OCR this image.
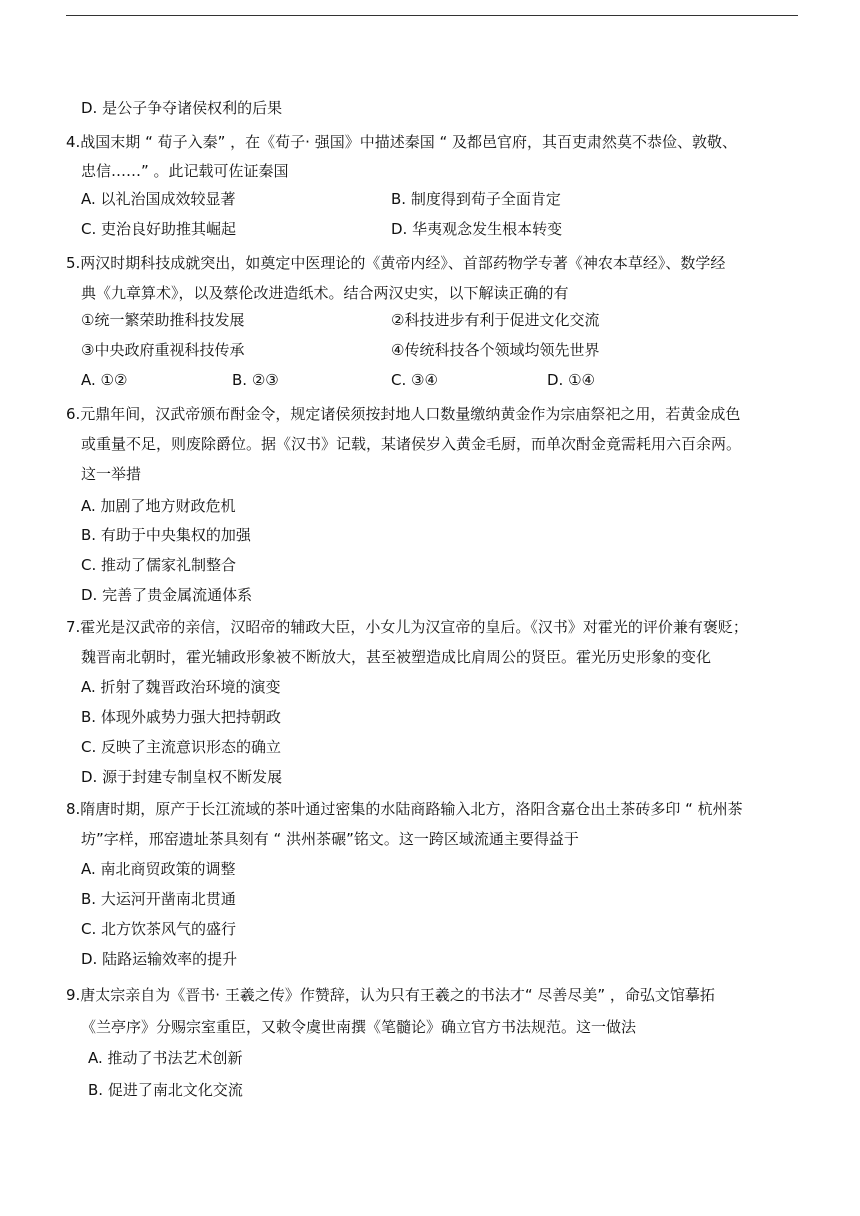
D. 是公子争夺诸侯权利的后果
4.战国末期 “ 荀子入秦” ，在《荀子· 强国》中描述秦国 “ 及都邑官府，其百吏肃然莫不恭俭、敦敬、
忠信……” 。此记载可佐证秦国
A. 以礼治国成效较显著	B. 制度得到荀子全面肯定
C. 吏治良好助推其崛起	D. 华夷观念发生根本转变
5.两汉时期科技成就突出，如奠定中医理论的《黄帝内经》、首部药物学专著《神农本草经》、数学经
典《九章算术》，以及蔡伦改进造纸术。结合两汉史实，以下解读正确的有
①统一繁荣助推科技发展	②科技进步有利于促进文化交流
③中央政府重视科技传承	④传统科技各个领域均领先世界
A. ①②	B. ②③	C. ③④	D. ①④
6.元鼎年间，汉武帝颁布酎金令，规定诸侯须按封地人口数量缴纳黄金作为宗庙祭祀之用，若黄金成色
或重量不足，则废除爵位。据《汉书》记载，某诸侯岁入黄金毛厨，而单次酎金竟需耗用六百余两。
这一举措
A. 加剧了地方财政危机
B. 有助于中央集权的加强
C. 推动了儒家礼制整合
D. 完善了贵金属流通体系
7.霍光是汉武帝的亲信，汉昭帝的辅政大臣，小女儿为汉宣帝的皇后。《汉书》对霍光的评价兼有褒贬；
魏晋南北朝时，霍光辅政形象被不断放大，甚至被塑造成比肩周公的贤臣。霍光历史形象的变化
A. 折射了魏晋政治环境的演变
B. 体现外戚势力强大把持朝政
C. 反映了主流意识形态的确立
D. 源于封建专制皇权不断发展
8.隋唐时期，原产于长江流域的茶叶通过密集的水陆商路输入北方，洛阳含嘉仓出土茶砖多印 “ 杭州茶
坊”字样，邢窑遗址茶具刻有 “ 洪州茶碾”铭文。这一跨区域流通主要得益于
A. 南北商贸政策的调整
B. 大运河开凿南北贯通
C. 北方饮茶风气的盛行
D. 陆路运输效率的提升
9.唐太宗亲自为《晋书· 王羲之传》作赞辞，认为只有王羲之的书法才“ 尽善尽美” ，命弘文馆摹拓
《兰亭序》分赐宗室重臣，又敕令虞世南撰《笔髓论》确立官方书法规范。这一做法
A. 推动了书法艺术创新
B. 促进了南北文化交流
